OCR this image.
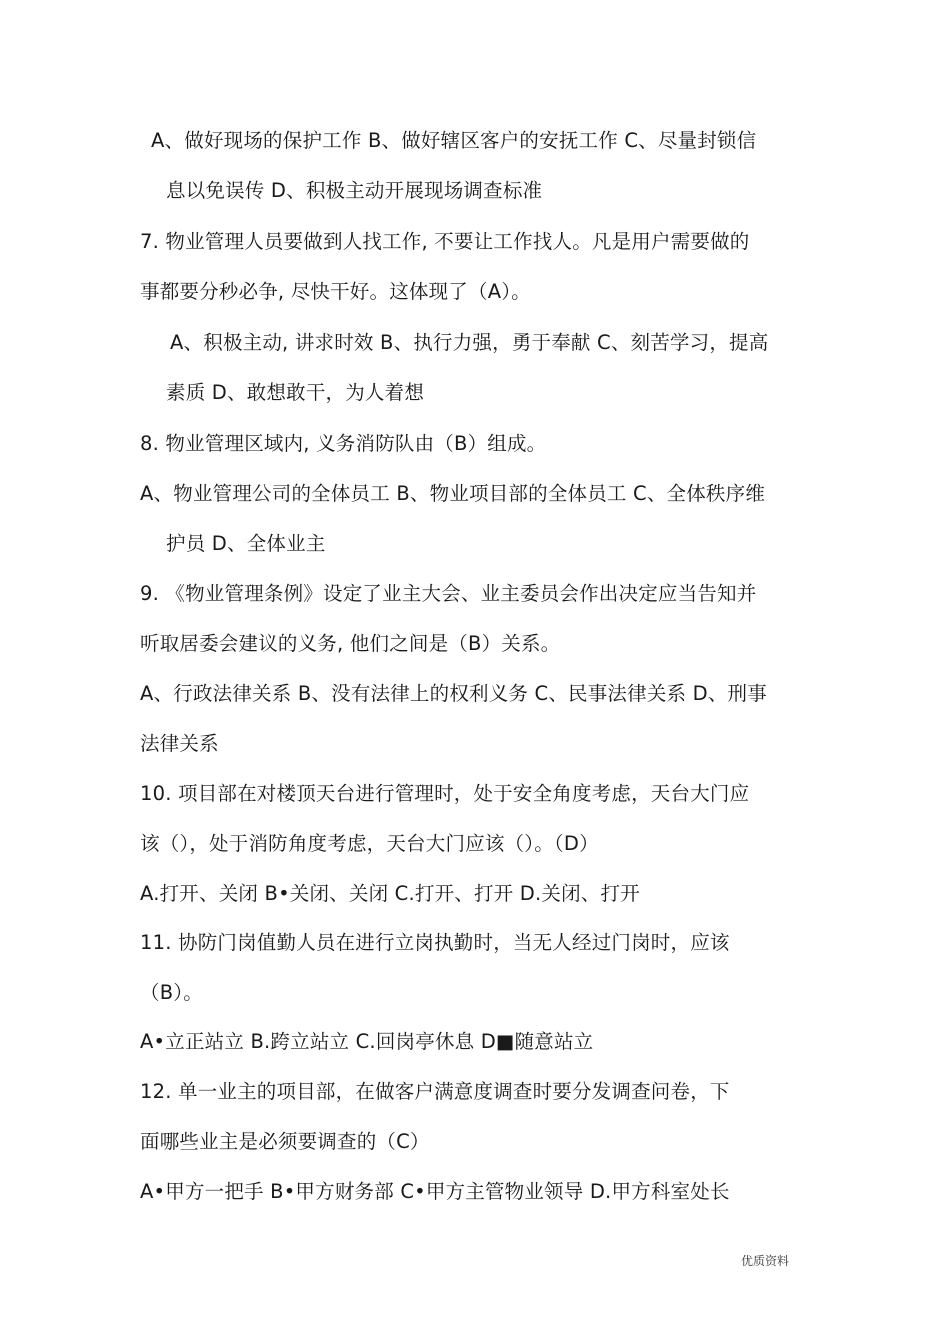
A、做好现场的保护工作 B、做好辖区客户的安抚工作 C、尽量封锁信
息以免误传 D、积极主动开展现场调查标准
7. 物业管理人员要做到人找工作, 不要让工作找人。凡是用户需要做的
事都要分秒必争, 尽快干好。这体现了（A）。
A、积极主动, 讲求时效 B、执行力强，勇于奉献 C、刻苦学习，提高
素质 D、敢想敢干，为人着想
8. 物业管理区域内, 义务消防队由（B）组成。
A、物业管理公司的全体员工 B、物业项目部的全体员工 C、全体秩序维
护员 D、全体业主
9. 《物业管理条例》设定了业主大会、业主委员会作出决定应当告知并
听取居委会建议的义务, 他们之间是（B）关系。
A、行政法律关系 B、没有法律上的权利义务 C、民事法律关系 D、刑事
法律关系
10. 项目部在对楼顶天台进行管理时，处于安全角度考虑，天台大门应
该（），处于消防角度考虑，天台大门应该（）。（D）
A.打开、关闭 B•关闭、关闭 C.打开、打开 D.关闭、打开
11. 协防门岗值勤人员在进行立岗执勤时，当无人经过门岗时，应该
（B）。
A•立正站立 B.跨立站立 C.回岗亭休息 D■随意站立
12. 单一业主的项目部，在做客户满意度调查时要分发调查问卷，下
面哪些业主是必须要调查的（C）
A•甲方一把手 B•甲方财务部 C•甲方主管物业领导 D.甲方科室处长
优质资料
